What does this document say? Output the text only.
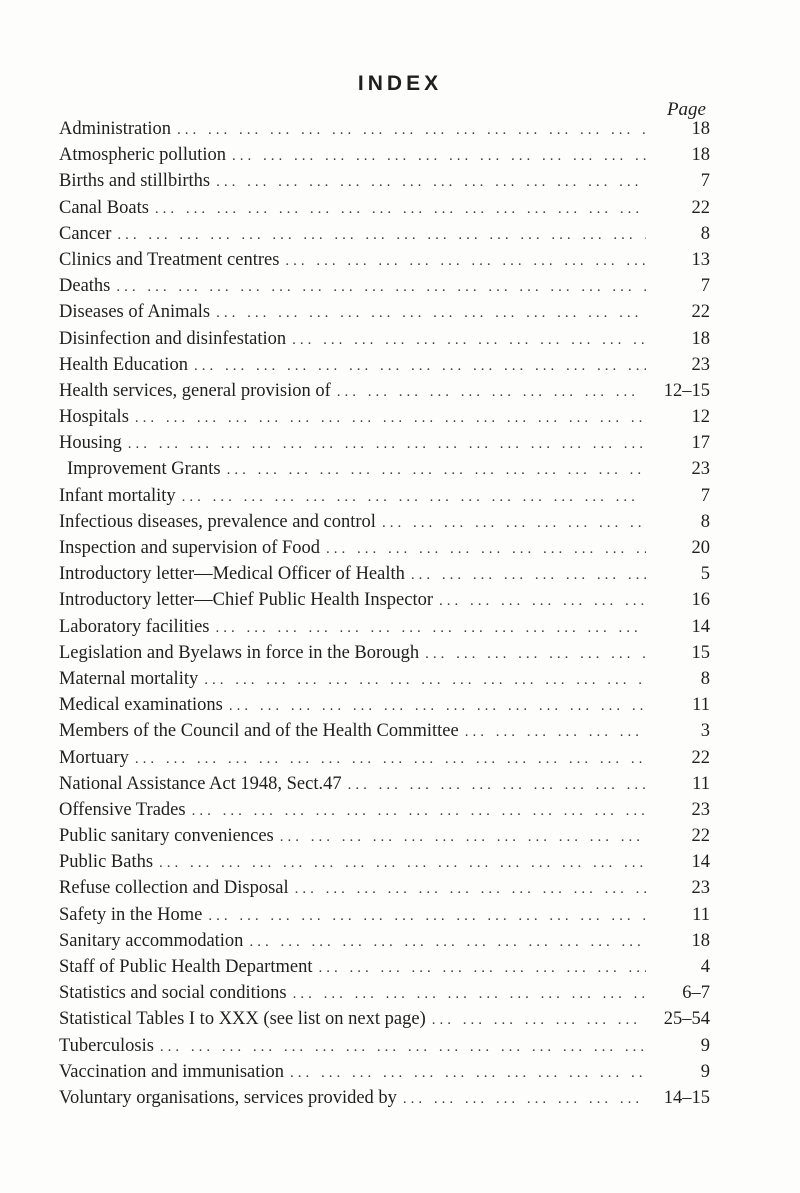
INDEX
Page
Administration ... .	18
Atmospheric pollution ... .	18
Births and stillbirths ... .	7
Canal Boats ... .	22
Cancer ... .	8
Clinics and Treatment centres ... .	13
Deaths ... .	7
Diseases of Animals ... .	22
Disinfection and disinfestation ... .	18
Health Education ... .	23
Health services, general provision of ... .	12–15
Hospitals ... .	12
Housing ... .	17
Improvement Grants ... .	23
Infant mortality ... .	7
Infectious diseases, prevalence and control ... .	8
Inspection and supervision of Food ... .	20
Introductory letter—Medical Officer of Health ... .	5
Introductory letter—Chief Public Health Inspector ... .	16
Laboratory facilities ... .	14
Legislation and Byelaws in force in the Borough ... .	15
Maternal mortality ... .	8
Medical examinations ... .	11
Members of the Council and of the Health Committee ... .	3
Mortuary ... .	22
National Assistance Act 1948, Sect.47 ... .	11
Offensive Trades ... .	23
Public sanitary conveniences ... .	22
Public Baths ... .	14
Refuse collection and Disposal ... .	23
Safety in the Home ... .	11
Sanitary accommodation ... .	18
Staff of Public Health Department ... .	4
Statistics and social conditions ... .	6–7
Statistical Tables I to XXX (see list on next page) ... .	25–54
Tuberculosis ... .	9
Vaccination and immunisation ... .	9
Voluntary organisations, services provided by ... .	14–15
